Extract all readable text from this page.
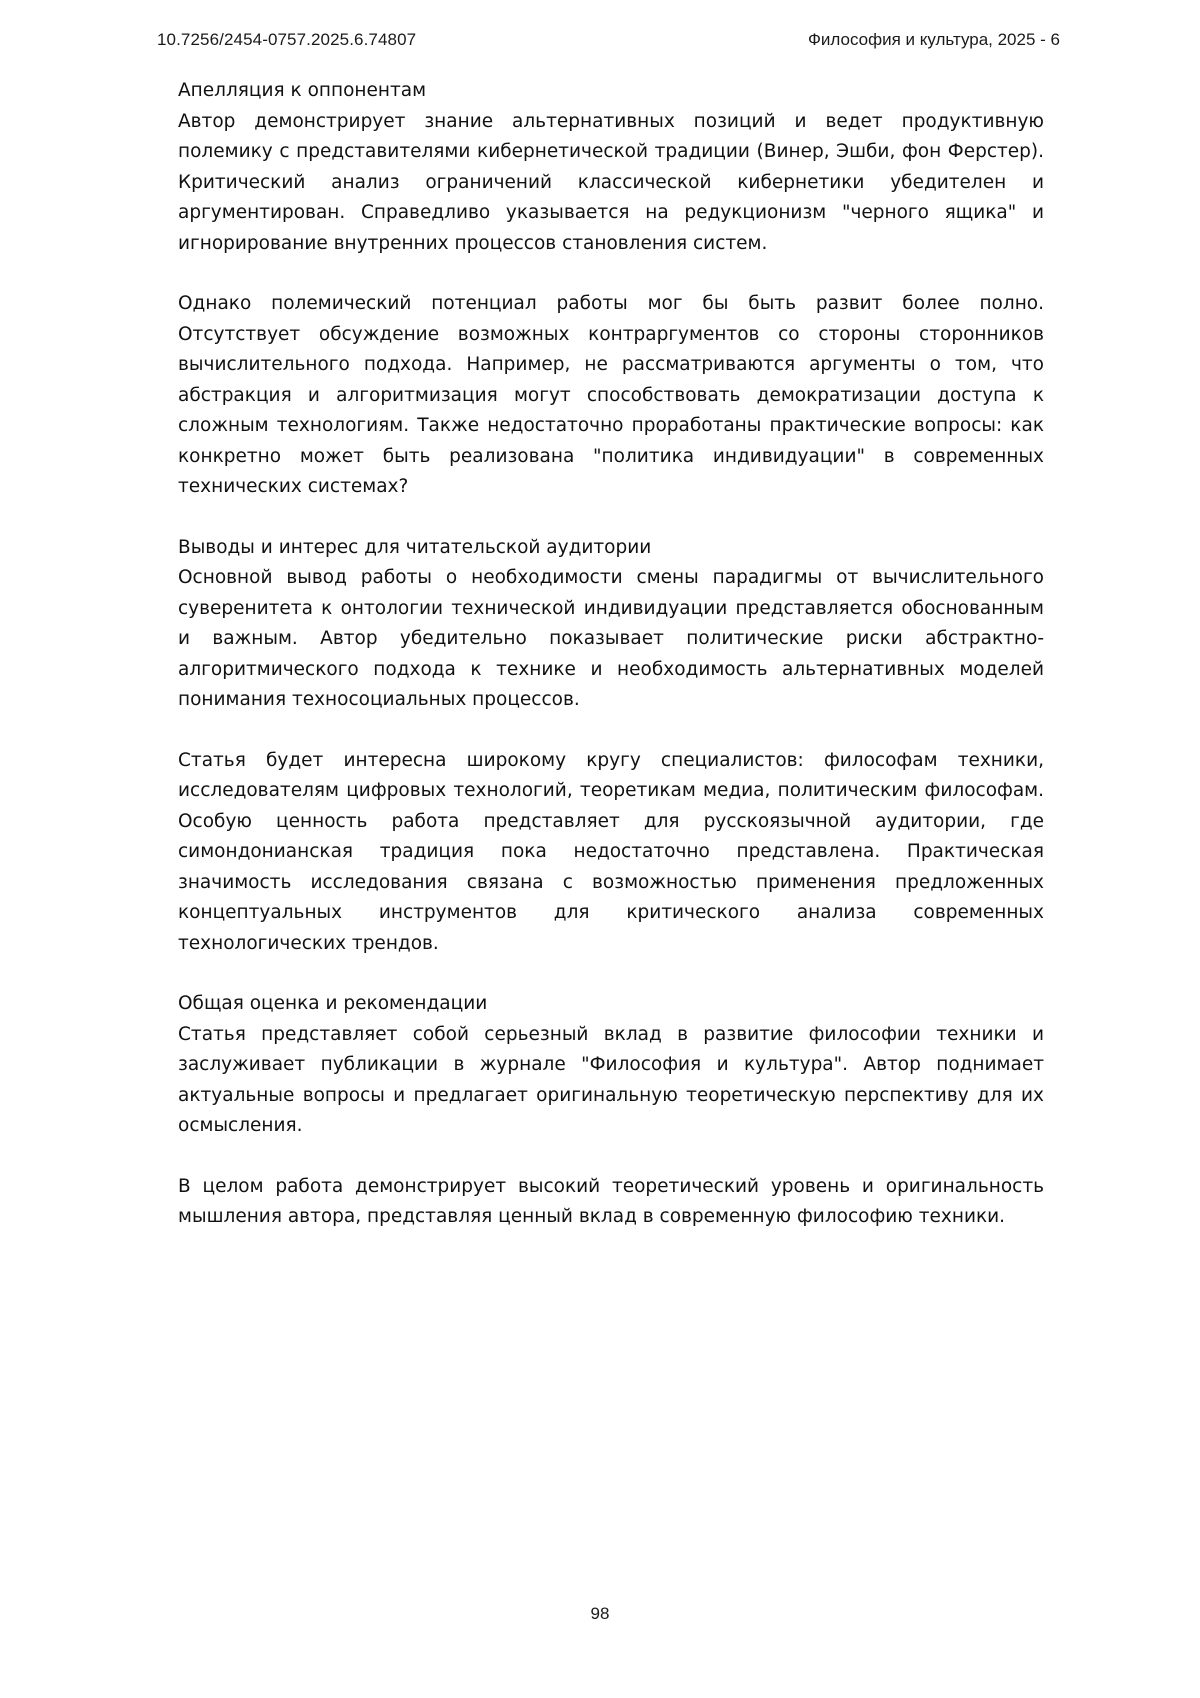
10.7256/2454-0757.2025.6.74807	Философия и культура, 2025 - 6

Апелляция к оппонентам

Автор демонстрирует знание альтернативных позиций и ведет продуктивную полемику с представителями кибернетической традиции (Винер, Эшби, фон Ферстер). Критический анализ ограничений классической кибернетики убедителен и аргументирован. Справедливо указывается на редукционизм "черного ящика" и игнорирование внутренних процессов становления систем.

Однако полемический потенциал работы мог бы быть развит более полно. Отсутствует обсуждение возможных контраргументов со стороны сторонников вычислительного подхода. Например, не рассматриваются аргументы о том, что абстракция и алгоритмизация могут способствовать демократизации доступа к сложным технологиям. Также недостаточно проработаны практические вопросы: как конкретно может быть реализована "политика индивидуации" в современных технических системах?

Выводы и интерес для читательской аудитории

Основной вывод работы о необходимости смены парадигмы от вычислительного суверенитета к онтологии технической индивидуации представляется обоснованным и важным. Автор убедительно показывает политические риски абстрактно-алгоритмического подхода к технике и необходимость альтернативных моделей понимания техносоциальных процессов.

Статья будет интересна широкому кругу специалистов: философам техники, исследователям цифровых технологий, теоретикам медиа, политическим философам. Особую ценность работа представляет для русскоязычной аудитории, где симондонианская традиция пока недостаточно представлена. Практическая значимость исследования связана с возможностью применения предложенных концептуальных инструментов для критического анализа современных технологических трендов.

Общая оценка и рекомендации

Статья представляет собой серьезный вклад в развитие философии техники и заслуживает публикации в журнале "Философия и культура". Автор поднимает актуальные вопросы и предлагает оригинальную теоретическую перспективу для их осмысления.

В целом работа демонстрирует высокий теоретический уровень и оригинальность мышления автора, представляя ценный вклад в современную философию техники.

98
